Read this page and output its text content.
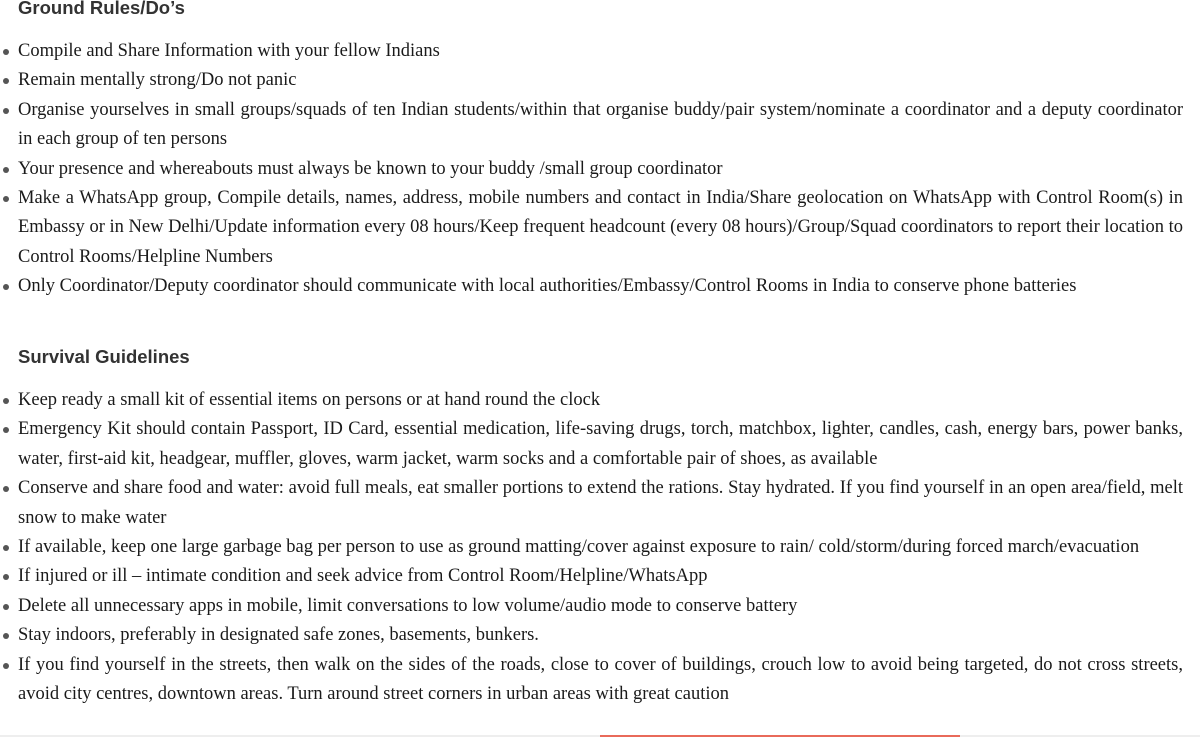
Ground Rules/Do’s
Compile and Share Information with your fellow Indians
Remain mentally strong/Do not panic
Organise yourselves in small groups/squads of ten Indian students/within that organise buddy/pair system/nominate a coordinator and a deputy coordinator in each group of ten persons
Your presence and whereabouts must always be known to your buddy /small group coordinator
Make a WhatsApp group, Compile details, names, address, mobile numbers and contact in India/Share geolocation on WhatsApp with Control Room(s) in Embassy or in New Delhi/Update information every 08 hours/Keep frequent headcount (every 08 hours)/Group/Squad coordinators to report their location to Control Rooms/Helpline Numbers
Only Coordinator/Deputy coordinator should communicate with local authorities/Embassy/Control Rooms in India to conserve phone batteries
Survival Guidelines
Keep ready a small kit of essential items on persons or at hand round the clock
Emergency Kit should contain Passport, ID Card, essential medication, life-saving drugs, torch, matchbox, lighter, candles, cash, energy bars, power banks, water, first-aid kit, headgear, muffler, gloves, warm jacket, warm socks and a comfortable pair of shoes, as available
Conserve and share food and water: avoid full meals, eat smaller portions to extend the rations. Stay hydrated. If you find yourself in an open area/field, melt snow to make water
If available, keep one large garbage bag per person to use as ground matting/cover against exposure to rain/ cold/storm/during forced march/evacuation
If injured or ill – intimate condition and seek advice from Control Room/Helpline/WhatsApp
Delete all unnecessary apps in mobile, limit conversations to low volume/audio mode to conserve battery
Stay indoors, preferably in designated safe zones, basements, bunkers.
If you find yourself in the streets, then walk on the sides of the roads, close to cover of buildings, crouch low to avoid being targeted, do not cross streets, avoid city centres, downtown areas. Turn around street corners in urban areas with great caution
